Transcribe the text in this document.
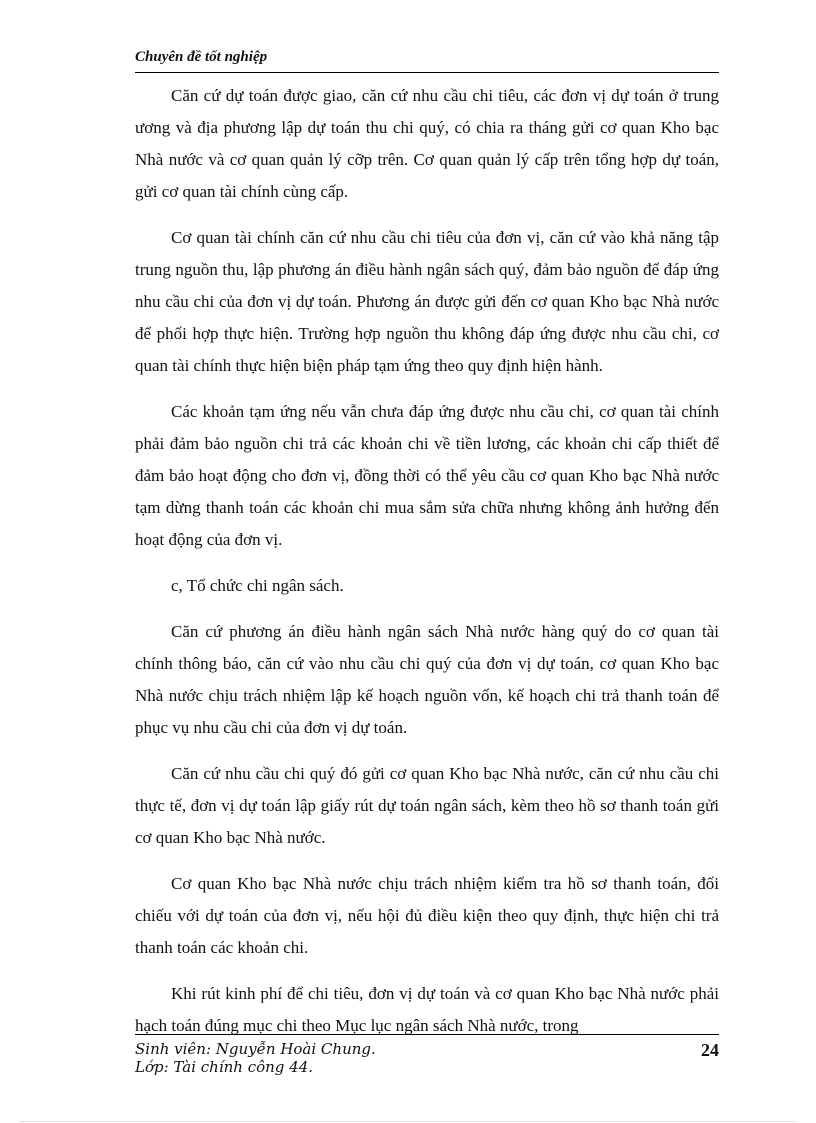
Chuyên đề tốt nghiệp

Căn cứ dự toán được giao, căn cứ nhu cầu chi tiêu, các đơn vị dự toán ở trung ương và địa phương lập dự toán thu chi quý, có chia ra tháng gửi cơ quan Kho bạc Nhà nước và cơ quan quản lý cỡp trên. Cơ quan quản lý cấp trên tổng hợp dự toán, gửi cơ quan tài chính cùng cấp.

Cơ quan tài chính căn cứ nhu cầu chi tiêu của đơn vị, căn cứ vào khả năng tập trung nguồn thu, lập phương án điều hành ngân sách quý, đảm bảo nguồn để đáp ứng nhu cầu chi của đơn vị dự toán. Phương án được gửi đến cơ quan Kho bạc Nhà nước để phối hợp thực hiện. Trường hợp nguồn thu không đáp ứng được nhu cầu chi, cơ quan tài chính thực hiện biện pháp tạm ứng theo quy định hiện hành.

Các khoản tạm ứng nếu vẫn chưa đáp ứng được nhu cầu chi, cơ quan tài chính phải đảm bảo nguồn chi trả các khoản chi về tiền lương, các khoản chi cấp thiết để đảm bảo hoạt động cho đơn vị, đồng thời có thể yêu cầu cơ quan Kho bạc Nhà nước tạm dừng thanh toán các khoản chi mua sắm sửa chữa nhưng không ảnh hưởng đến hoạt động của đơn vị.

c, Tổ chức chi ngân sách.

Căn cứ phương án điều hành ngân sách Nhà nước hàng quý do cơ quan tài chính thông báo, căn cứ vào nhu cầu chi quý của đơn vị dự toán, cơ quan Kho bạc Nhà nước chịu trách nhiệm lập kế hoạch nguồn vốn, kế hoạch chi trả thanh toán để phục vụ nhu cầu chi của đơn vị dự toán.

Căn cứ nhu cầu chi quý đó gửi cơ quan Kho bạc Nhà nước, căn cứ nhu cầu chi thực tế, đơn vị dự toán lập giấy rút dự toán ngân sách, kèm theo hồ sơ thanh toán gửi cơ quan Kho bạc Nhà nước.

Cơ quan Kho bạc Nhà nước chịu trách nhiệm kiểm tra hồ sơ thanh toán, đối chiếu với dự toán của đơn vị, nếu hội đủ điều kiện theo quy định, thực hiện chi trả thanh toán các khoản chi.

Khi rút kinh phí để chi tiêu, đơn vị dự toán và cơ quan Kho bạc Nhà nước phải hạch toán đúng mục chi theo Mục lục ngân sách Nhà nước, trong

Sinh viên: Nguyễn Hoài Chung.
Lớp: Tài chính công 44.
24
